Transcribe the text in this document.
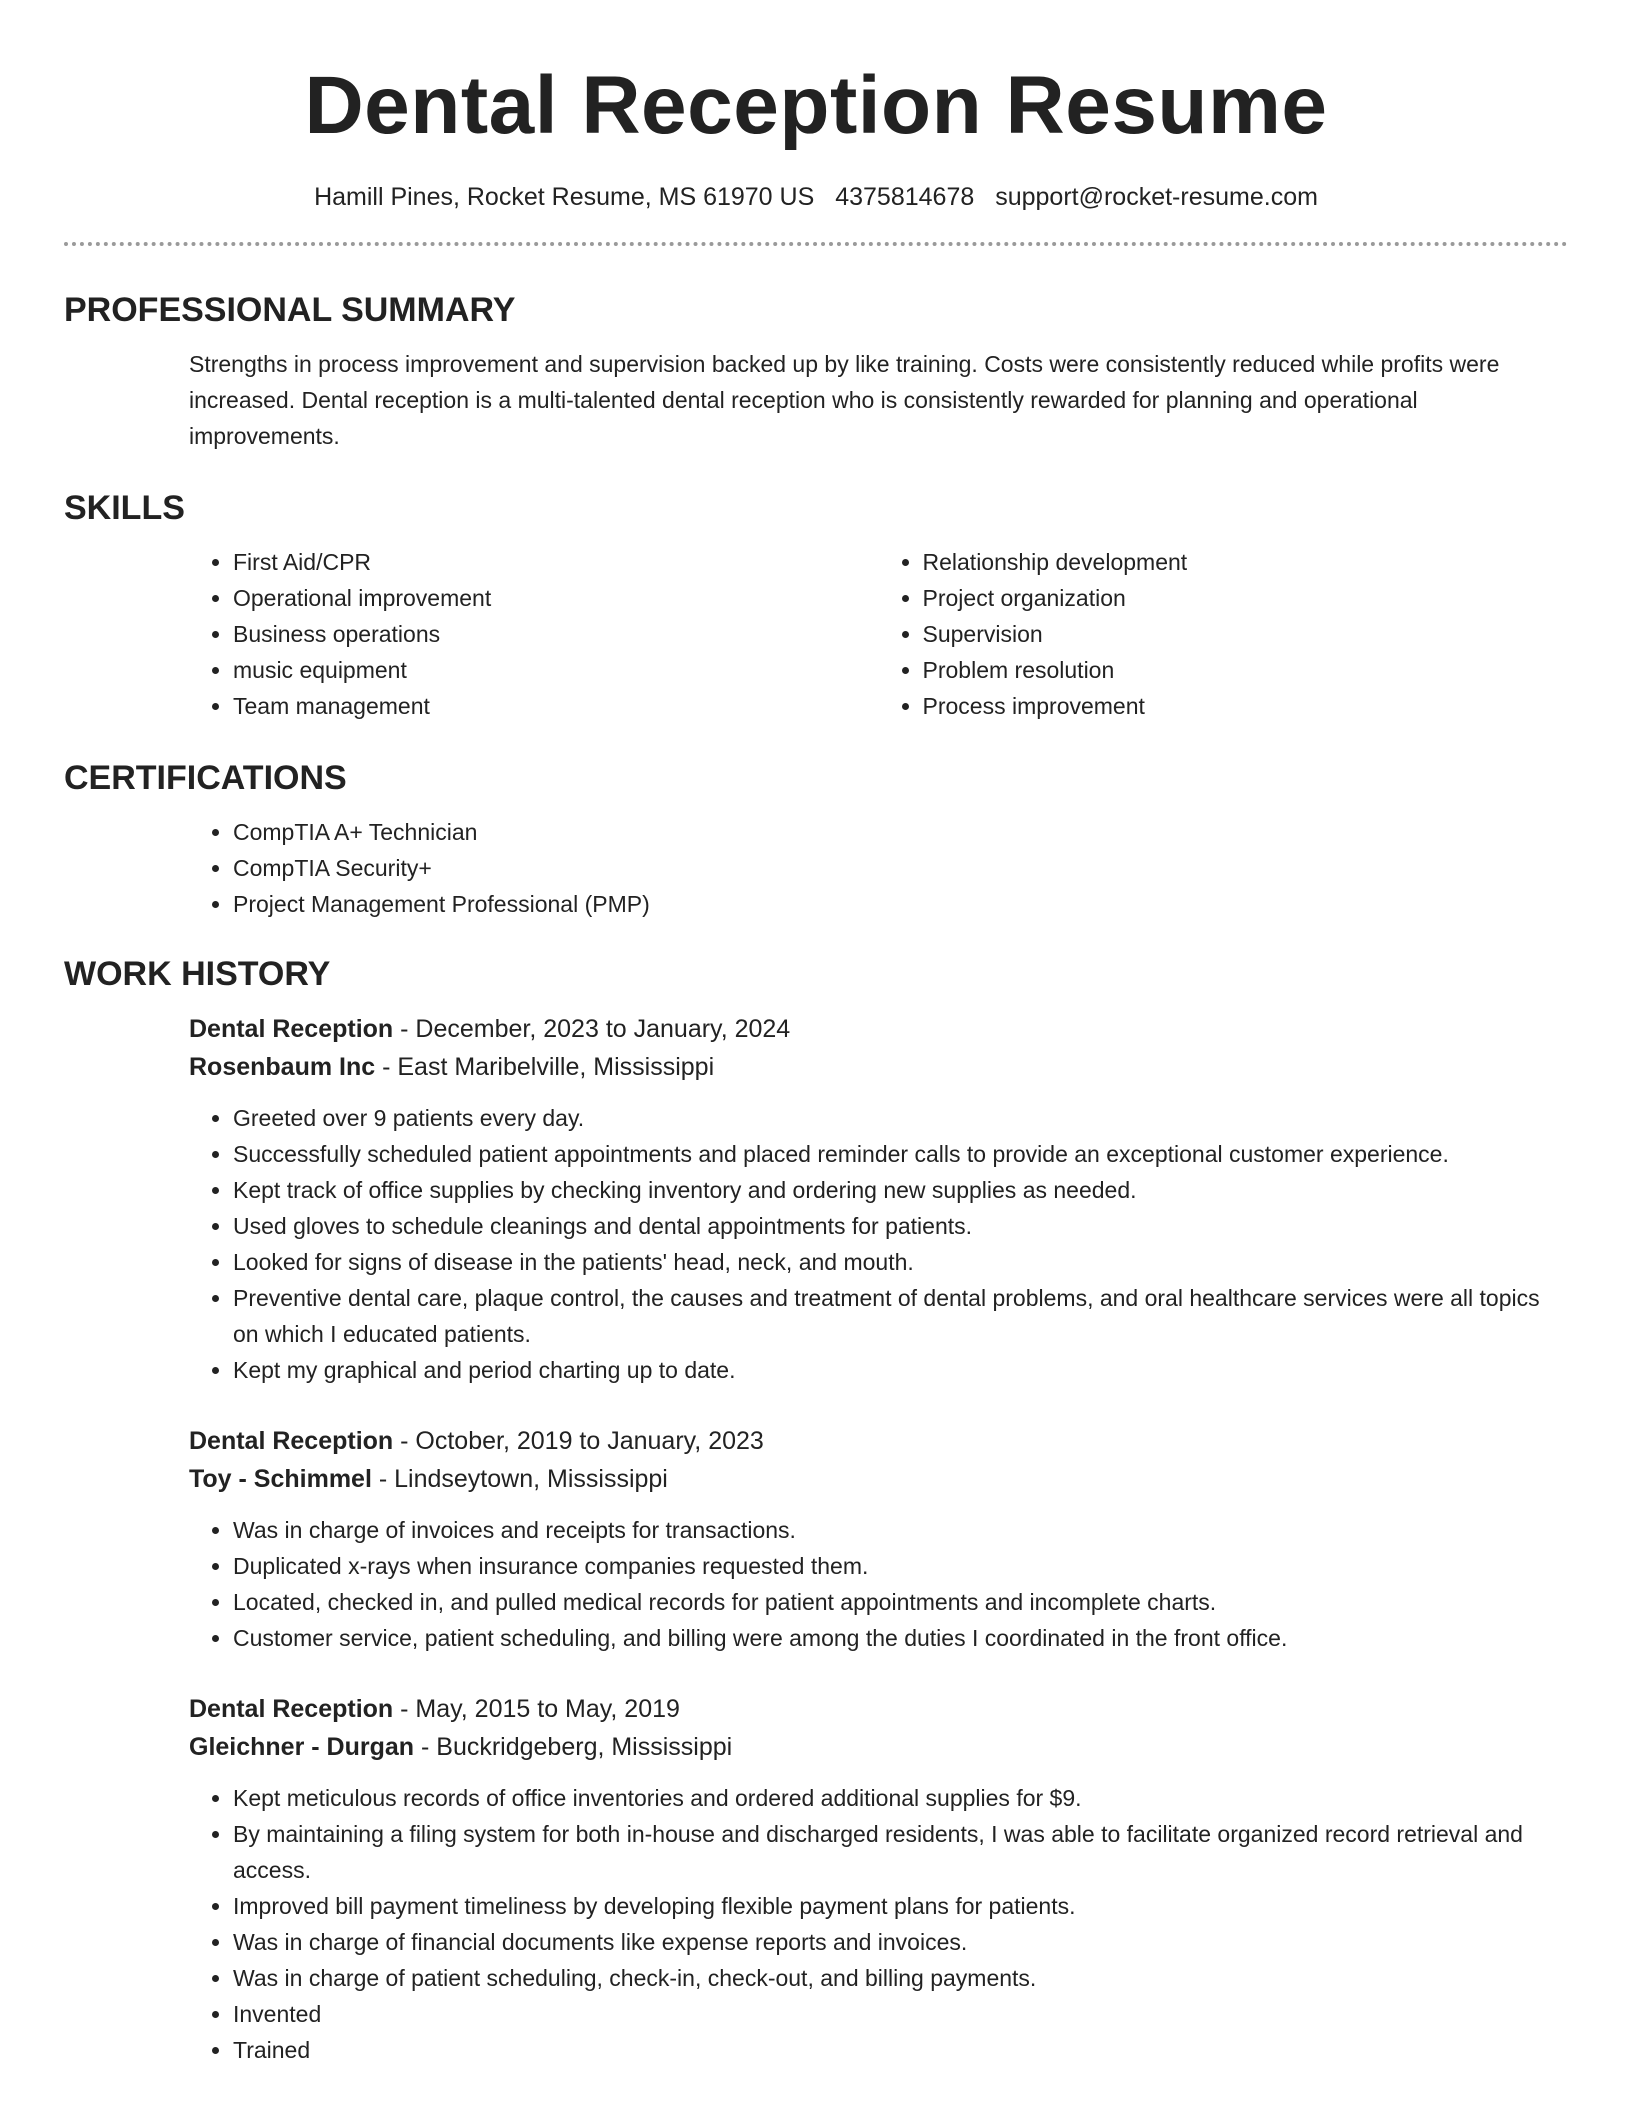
Dental Reception Resume
Hamill Pines, Rocket Resume, MS 61970 US 4375814678 support@rocket-resume.com
PROFESSIONAL SUMMARY

Strengths in process improvement and supervision backed up by like training. Costs were consistently reduced while profits were increased. Dental reception is a multi-talented dental reception who is consistently rewarded for planning and operational improvements.

SKILLS
• First Aid/CPR
• Operational improvement
• Business operations
• music equipment
• Team management
• Relationship development
• Project organization
• Supervision
• Problem resolution
• Process improvement
CERTIFICATIONS
• CompTIA A+ Technician
• CompTIA Security+
• Project Management Professional (PMP)
WORK HISTORY
Dental Reception - December, 2023 to January, 2024
Rosenbaum Inc - East Maribelville, Mississippi
• Greeted over 9 patients every day.
• Successfully scheduled patient appointments and placed reminder calls to provide an exceptional customer experience.
• Kept track of office supplies by checking inventory and ordering new supplies as needed.
• Used gloves to schedule cleanings and dental appointments for patients.
• Looked for signs of disease in the patients' head, neck, and mouth.
• Preventive dental care, plaque control, the causes and treatment of dental problems, and oral healthcare services were all topics on which I educated patients.
• Kept my graphical and period charting up to date.
Dental Reception - October, 2019 to January, 2023
Toy - Schimmel - Lindseytown, Mississippi
• Was in charge of invoices and receipts for transactions.
• Duplicated x-rays when insurance companies requested them.
• Located, checked in, and pulled medical records for patient appointments and incomplete charts.
• Customer service, patient scheduling, and billing were among the duties I coordinated in the front office.
Dental Reception - May, 2015 to May, 2019
Gleichner - Durgan - Buckridgeberg, Mississippi
• Kept meticulous records of office inventories and ordered additional supplies for $9.
• By maintaining a filing system for both in-house and discharged residents, I was able to facilitate organized record retrieval and access.
• Improved bill payment timeliness by developing flexible payment plans for patients.
• Was in charge of financial documents like expense reports and invoices.
• Was in charge of patient scheduling, check-in, check-out, and billing payments.
• Invented
• Trained
